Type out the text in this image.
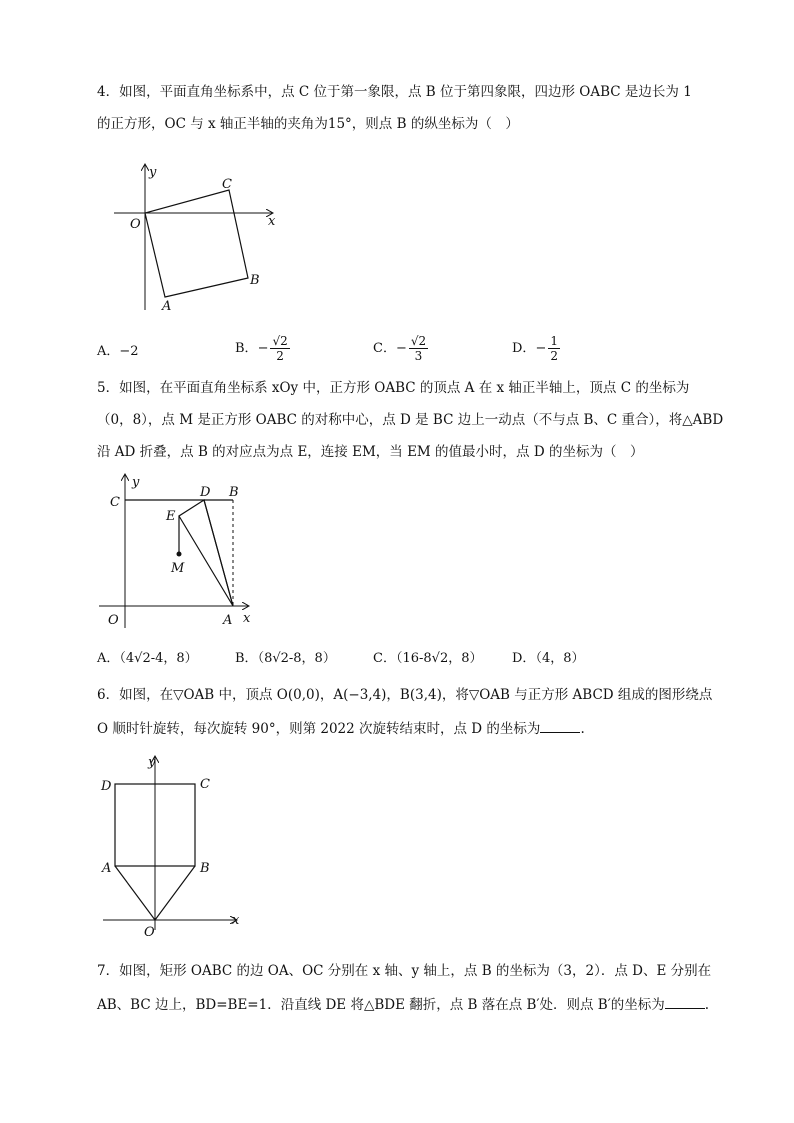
4．如图，平面直角坐标系中，点 C 位于第一象限，点 B 位于第四象限，四边形 OABC 是边长为 1
的正方形，OC 与 x 轴正半轴的夹角为15°，则点 B 的纵坐标为（　）
y
x
O
C
B
A
A．−2	B．− $\frac{√2}{2}$	C．− $\frac{√2}{3}$	D．− $\frac{1}{2}$
5．如图，在平面直角坐标系 xOy 中，正方形 OABC 的顶点 A 在 x 轴正半轴上，顶点 C 的坐标为
（0，8），点 M 是正方形 OABC 的对称中心，点 D 是 BC 边上一动点（不与点 B、C 重合），将△ABD
沿 AD 折叠，点 B 的对应点为点 E，连接 EM，当 EM 的值最小时，点 D 的坐标为（　）
y
x
O
C
D B
E
M
A
A．（4√2-4，8）	B．（8√2-8，8）	C．（16-8√2，8） D．（4，8）
6．如图，在▽OAB 中，顶点 O(0,0)，A(−3,4)，B(3,4)，将▽OAB 与正方形 ABCD 组成的图形绕点
O 顺时针旋转，每次旋转 90°，则第 2022 次旋转结束时，点 D 的坐标为	.
y
x
O
D	C
A	B
7．如图，矩形 OABC 的边 OA、OC 分别在 x 轴、y 轴上，点 B 的坐标为（3，2）．点 D、E 分别在
AB、BC 边上，BD=BE=1．沿直线 DE 将△BDE 翻折，点 B 落在点 B′处．则点 B′的坐标为	.
